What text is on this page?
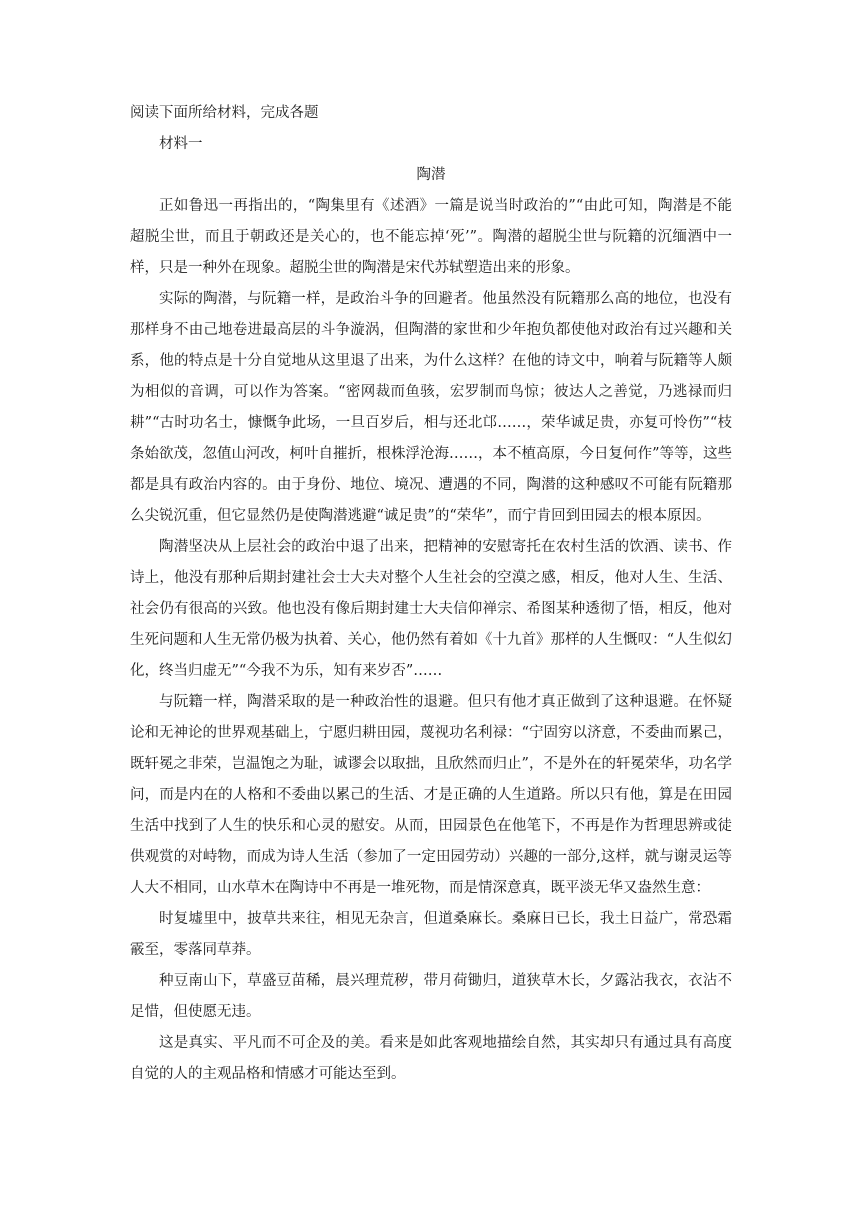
阅读下面所给材料，完成各题

材料一

陶潜

正如鲁迅一再指出的，“陶集里有《述酒》一篇是说当时政治的”“由此可知，陶潜是不能超脱尘世，而且于朝政还是关心的，也不能忘掉‘死’”。陶潜的超脱尘世与阮籍的沉缅酒中一样，只是一种外在现象。超脱尘世的陶潜是宋代苏轼塑造出来的形象。

实际的陶潜，与阮籍一样，是政治斗争的回避者。他虽然没有阮籍那么高的地位，也没有那样身不由己地卷进最高层的斗争漩涡，但陶潜的家世和少年抱负都使他对政治有过兴趣和关系，他的特点是十分自觉地从这里退了出来，为什么这样？在他的诗文中，响着与阮籍等人颇为相似的音调，可以作为答案。“密网裁而鱼骇，宏罗制而鸟惊；彼达人之善觉，乃逃禄而归耕”“古时功名士，慷慨争此场，一旦百岁后，相与还北邙……，荣华诚足贵，亦复可怜伤”“枝条始欲茂，忽值山河改，柯叶自摧折，根株浮沧海……，本不植高原，今日复何作”等等，这些都是具有政治内容的。由于身份、地位、境况、遭遇的不同，陶潜的这种感叹不可能有阮籍那么尖锐沉重，但它显然仍是使陶潜逃避“诚足贵”的“荣华”，而宁肯回到田园去的根本原因。

陶潜坚决从上层社会的政治中退了出来，把精神的安慰寄托在农村生活的饮酒、读书、作诗上，他没有那种后期封建社会士大夫对整个人生社会的空漠之感，相反，他对人生、生活、社会仍有很高的兴致。他也没有像后期封建士大夫信仰禅宗、希图某种透彻了悟，相反，他对生死问题和人生无常仍极为执着、关心，他仍然有着如《十九首》那样的人生慨叹：“人生似幻化，终当归虚无”“今我不为乐，知有来岁否”……

与阮籍一样，陶潜采取的是一种政治性的退避。但只有他才真正做到了这种退避。在怀疑论和无神论的世界观基础上，宁愿归耕田园，蔑视功名利禄：“宁固穷以济意，不委曲而累己，既轩冕之非荣，岂温饱之为耻，诚谬会以取拙，且欣然而归止”，不是外在的轩冕荣华，功名学问，而是内在的人格和不委曲以累己的生活、才是正确的人生道路。所以只有他，算是在田园生活中找到了人生的快乐和心灵的慰安。从而，田园景色在他笔下，不再是作为哲理思辨或徒供观赏的对峙物，而成为诗人生活（参加了一定田园劳动）兴趣的一部分,这样，就与谢灵运等人大不相同，山水草木在陶诗中不再是一堆死物，而是情深意真，既平淡无华又盎然生意：

时复墟里中，披草共来往，相见无杂言，但道桑麻长。桑麻日已长，我土日益广，常恐霜霰至，零落同草莽。

种豆南山下，草盛豆苗稀，晨兴理荒秽，带月荷锄归，道狭草木长，夕露沾我衣，衣沾不足惜，但使愿无违。

这是真实、平凡而不可企及的美。看来是如此客观地描绘自然，其实却只有通过具有高度自觉的人的主观品格和情感才可能达至到。
